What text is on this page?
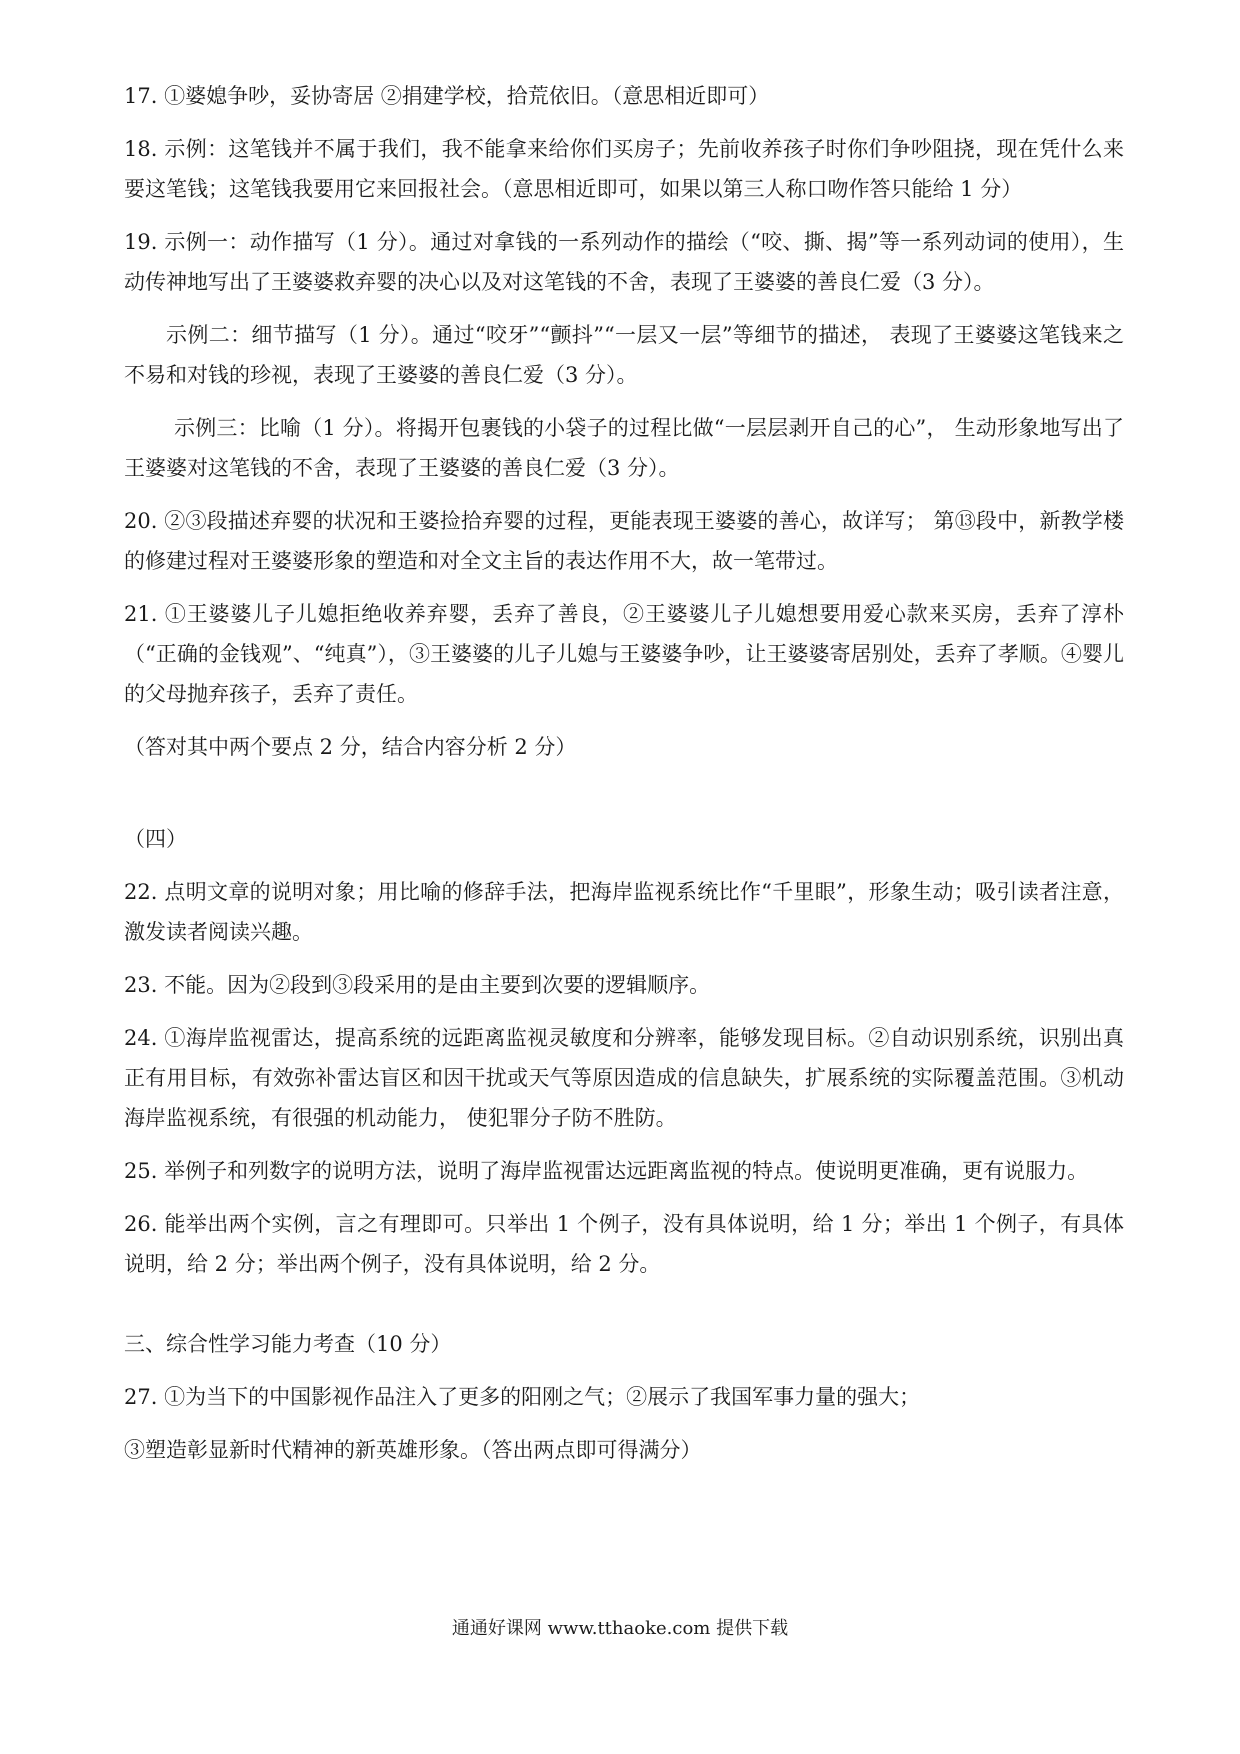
17. ①婆媳争吵，妥协寄居 ②捐建学校，拾荒依旧。（意思相近即可）

18. 示例：这笔钱并不属于我们，我不能拿来给你们买房子；先前收养孩子时你们争吵阻挠，现在凭什么来要这笔钱；这笔钱我要用它来回报社会。（意思相近即可，如果以第三人称口吻作答只能给 1 分）

19. 示例一：动作描写（1 分）。通过对拿钱的一系列动作的描绘（“咬、撕、揭”等一系列动词的使用），生动传神地写出了王婆婆救弃婴的决心以及对这笔钱的不舍，表现了王婆婆的善良仁爱（3 分）。

示例二：细节描写（1 分）。通过“咬牙”“颤抖”“一层又一层”等细节的描述， 表现了王婆婆这笔钱来之不易和对钱的珍视，表现了王婆婆的善良仁爱（3 分）。

示例三：比喻（1 分）。将揭开包裹钱的小袋子的过程比做“一层层剥开自己的心”， 生动形象地写出了王婆婆对这笔钱的不舍，表现了王婆婆的善良仁爱（3 分）。

20. ②③段描述弃婴的状况和王婆捡拾弃婴的过程，更能表现王婆婆的善心，故详写； 第⑬段中，新教学楼的修建过程对王婆婆形象的塑造和对全文主旨的表达作用不大，故一笔带过。

21. ①王婆婆儿子儿媳拒绝收养弃婴，丢弃了善良，②王婆婆儿子儿媳想要用爱心款来买房，丢弃了淳朴（“正确的金钱观”、“纯真”），③王婆婆的儿子儿媳与王婆婆争吵，让王婆婆寄居别处，丢弃了孝顺。④婴儿的父母抛弃孩子，丢弃了责任。

（答对其中两个要点 2 分，结合内容分析 2 分）

（四）

22. 点明文章的说明对象；用比喻的修辞手法，把海岸监视系统比作“千里眼”，形象生动；吸引读者注意，激发读者阅读兴趣。

23. 不能。因为②段到③段采用的是由主要到次要的逻辑顺序。

24. ①海岸监视雷达，提高系统的远距离监视灵敏度和分辨率，能够发现目标。②自动识别系统，识别出真正有用目标，有效弥补雷达盲区和因干扰或天气等原因造成的信息缺失，扩展系统的实际覆盖范围。③机动海岸监视系统，有很强的机动能力， 使犯罪分子防不胜防。

25. 举例子和列数字的说明方法，说明了海岸监视雷达远距离监视的特点。使说明更准确，更有说服力。

26. 能举出两个实例，言之有理即可。只举出 1 个例子，没有具体说明，给 1 分；举出 1 个例子，有具体说明，给 2 分；举出两个例子，没有具体说明，给 2 分。

三、综合性学习能力考查（10 分）

27. ①为当下的中国影视作品注入了更多的阳刚之气；②展示了我国军事力量的强大；

③塑造彰显新时代精神的新英雄形象。（答出两点即可得满分）

通通好课网 www.tthaoke.com 提供下载
